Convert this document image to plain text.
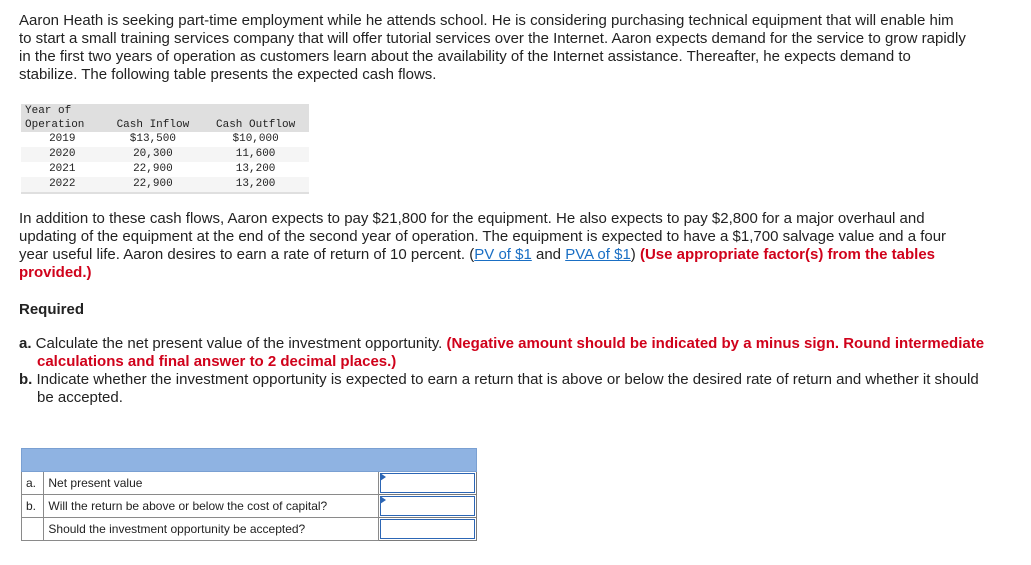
Aaron Heath is seeking part-time employment while he attends school. He is considering purchasing technical equipment that will enable him to start a small training services company that will offer tutorial services over the Internet. Aaron expects demand for the service to grow rapidly in the first two years of operation as customers learn about the availability of the Internet assistance. Thereafter, he expects demand to stabilize. The following table presents the expected cash flows.

Year of
Operation	Cash Inflow	Cash Outflow
2019	$13,500	$10,000
2020	20,300	11,600
2021	22,900	13,200
2022	22,900	13,200

In addition to these cash flows, Aaron expects to pay $21,800 for the equipment. He also expects to pay $2,800 for a major overhaul and updating of the equipment at the end of the second year of operation. The equipment is expected to have a $1,700 salvage value and a four year useful life. Aaron desires to earn a rate of return of 10 percent. (PV of $1 and PVA of $1) (Use appropriate factor(s) from the tables provided.)

Required

a. Calculate the net present value of the investment opportunity. (Negative amount should be indicated by a minus sign. Round intermediate calculations and final answer to 2 decimal places.)

b. Indicate whether the investment opportunity is expected to earn a return that is above or below the desired rate of return and whether it should be accepted.

a.	Net present value	

b.	Will the return be above or below the cost of capital?	

	Should the investment opportunity be accepted?	
